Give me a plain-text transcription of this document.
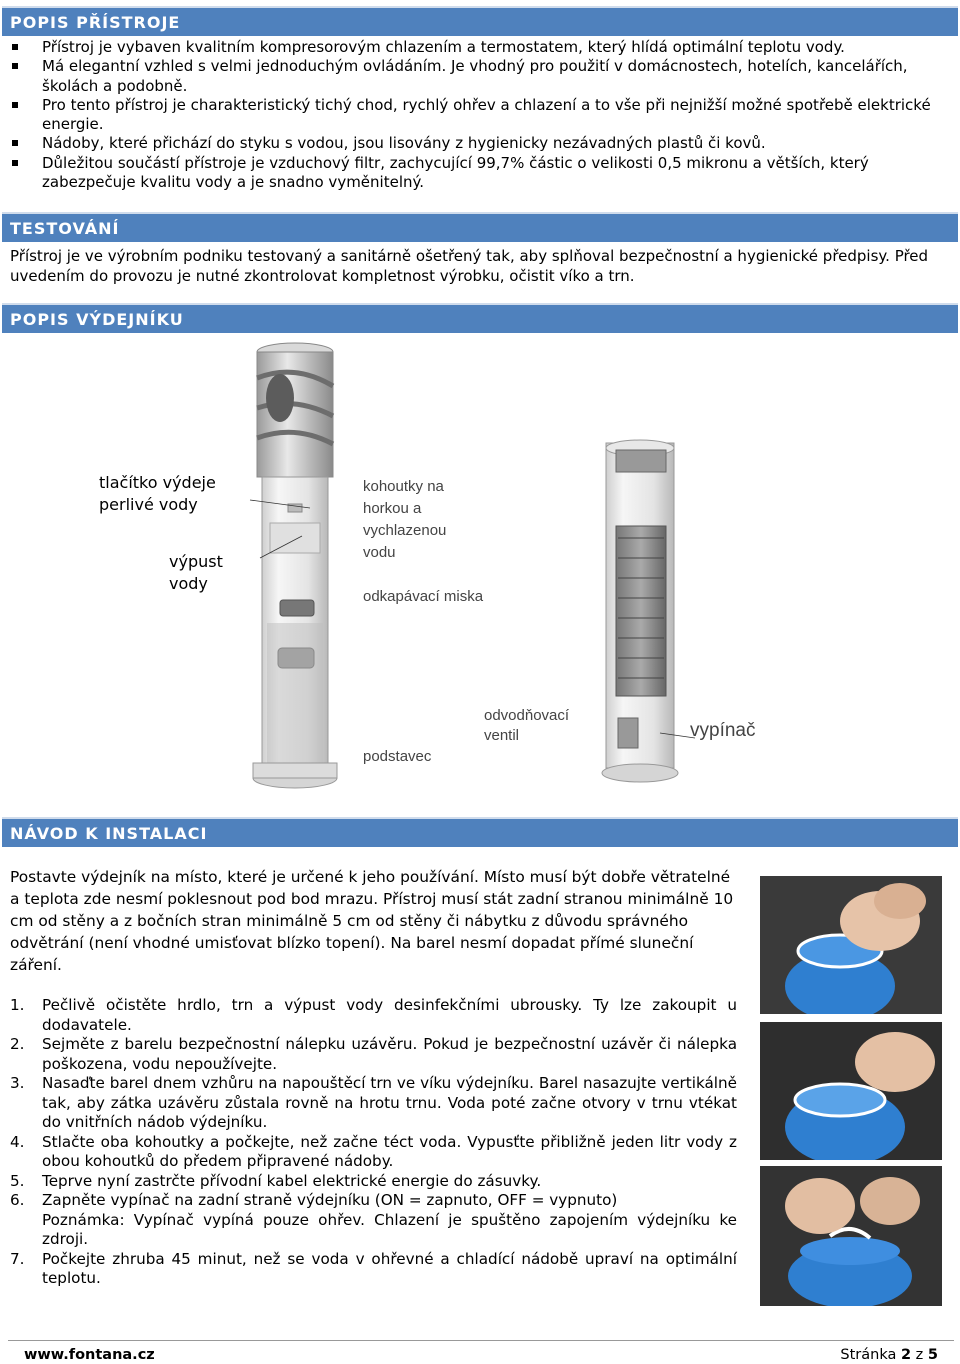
POPIS PŘÍSTROJE
Přístroj je vybaven kvalitním kompresorovým chlazením a termostatem, který hlídá optimální teplotu vody.
Má elegantní vzhled s velmi jednoduchým ovládáním. Je vhodný pro použití v domácnostech, hotelích, kancelářích, školách a podobně.
Pro tento přístroj je charakteristický tichý chod, rychlý ohřev a chlazení a to vše při nejnižší možné spotřebě elektrické energie.
Nádoby, které přichází do styku s vodou, jsou lisovány z hygienicky nezávadných plastů či kovů.
Důležitou součástí přístroje je vzduchový filtr, zachycující 99,7% částic o velikosti 0,5 mikronu a větších, který zabezpečuje kvalitu vody a je snadno vyměnitelný.
TESTOVÁNÍ

Přístroj je ve výrobním podniku testovaný a sanitárně ošetřený tak, aby splňoval bezpečnostní a hygienické předpisy. Před uvedením do provozu je nutné zkontrolovat kompletnost výrobku, očistit víko a trn.

POPIS VÝDEJNÍKU
tlačítko výdeje perlivé vody
výpust vody
kohoutky na horkou a vychlazenou vodu
odkapávací miska
odvodňovací ventil	vypínač
podstavec
NÁVOD K INSTALACI

Postavte výdejník na místo, které je určené k jeho používání. Místo musí být dobře větratelné a teplota zde nesmí poklesnout pod bod mrazu. Přístroj musí stát zadní stranou minimálně 10 cm od stěny a z bočních stran minimálně 5 cm od stěny či nábytku z důvodu správného odvětrání (není vhodné umisťovat blízko topení). Na barel nesmí dopadat přímé sluneční záření.

1. Pečlivě očistěte hrdlo, trn a výpust vody desinfekčními ubrousky. Ty lze zakoupit u dodavatele.
2. Sejměte z barelu bezpečnostní nálepku uzávěru. Pokud je bezpečnostní uzávěr či nálepka poškozena, vodu nepoužívejte.
3. Nasaďte barel dnem vzhůru na napouštěcí trn ve víku výdejníku. Barel nasazujte vertikálně tak, aby zátka uzávěru zůstala rovně na hrotu trnu. Voda poté začne otvory v trnu vtékat do vnitřních nádob výdejníku.
4. Stlačte oba kohoutky a počkejte, než začne téct voda. Vypusťte přibližně jeden litr vody z obou kohoutků do předem připravené nádoby.
5. Teprve nyní zastrčte přívodní kabel elektrické energie do zásuvky.
6. Zapněte vypínač na zadní straně výdejníku (ON = zapnuto, OFF = vypnuto)
Poznámka: Vypínač vypíná pouze ohřev. Chlazení je spuštěno zapojením výdejníku ke zdroji.
7. Počkejte zhruba 45 minut, než se voda v ohřevné a chladící nádobě upraví na optimální teplotu.
www.fontana.cz	Stránka 2 z 5
